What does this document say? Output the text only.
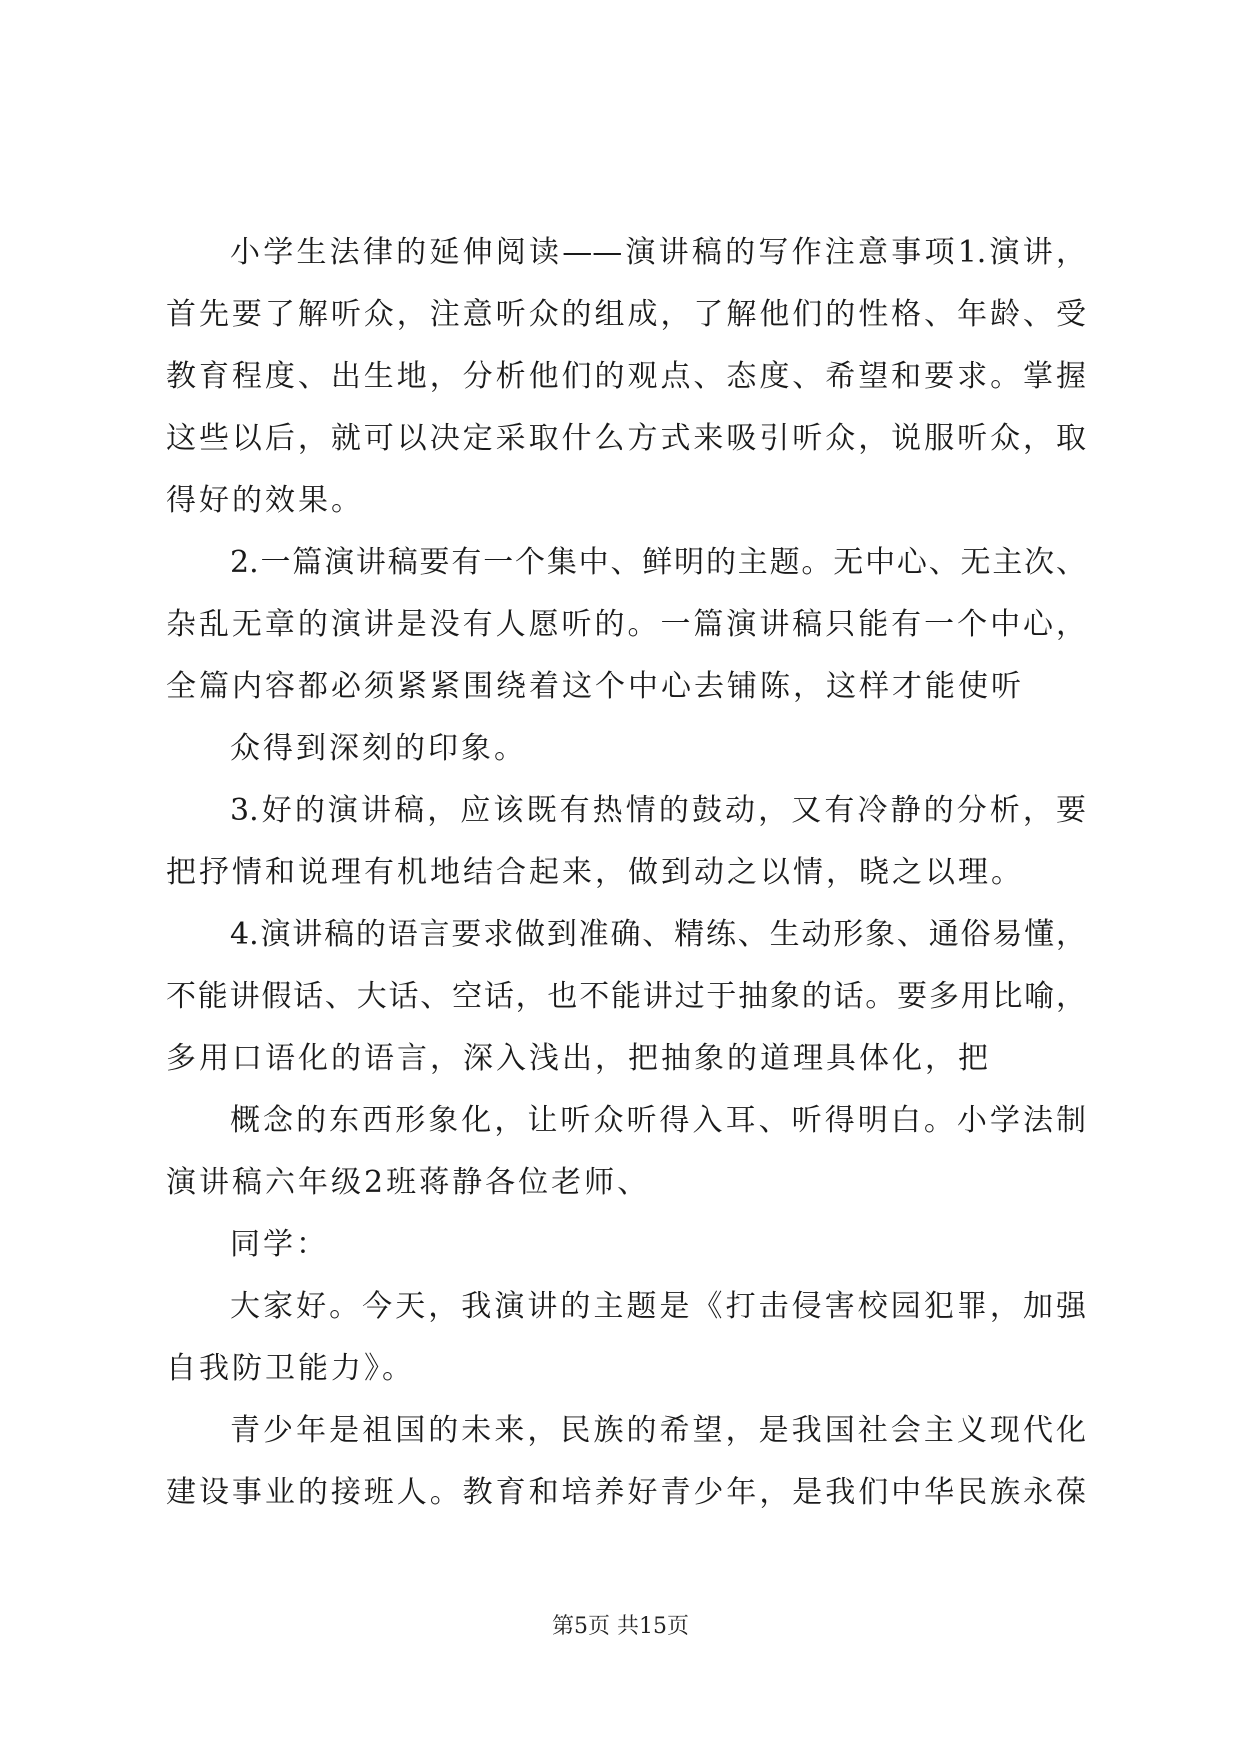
小学生法律的延伸阅读——演讲稿的写作注意事项1.演讲，
首先要了解听众，注意听众的组成，了解他们的性格、年龄、受
教育程度、出生地，分析他们的观点、态度、希望和要求。掌握
这些以后，就可以决定采取什么方式来吸引听众，说服听众，取
得好的效果。
2.一篇演讲稿要有一个集中、鲜明的主题。无中心、无主次、
杂乱无章的演讲是没有人愿听的。一篇演讲稿只能有一个中心，
全篇内容都必须紧紧围绕着这个中心去铺陈，这样才能使听
众得到深刻的印象。
3.好的演讲稿，应该既有热情的鼓动，又有冷静的分析，要
把抒情和说理有机地结合起来，做到动之以情，晓之以理。
4.演讲稿的语言要求做到准确、精练、生动形象、通俗易懂，
不能讲假话、大话、空话，也不能讲过于抽象的话。要多用比喻，
多用口语化的语言，深入浅出，把抽象的道理具体化，把
概念的东西形象化，让听众听得入耳、听得明白。小学法制
演讲稿六年级2班蒋静各位老师、
同学：
大家好。今天，我演讲的主题是《打击侵害校园犯罪，加强
自我防卫能力》。
青少年是祖国的未来，民族的希望，是我国社会主义现代化
建设事业的接班人。教育和培养好青少年，是我们中华民族永葆
第5页 共15页
